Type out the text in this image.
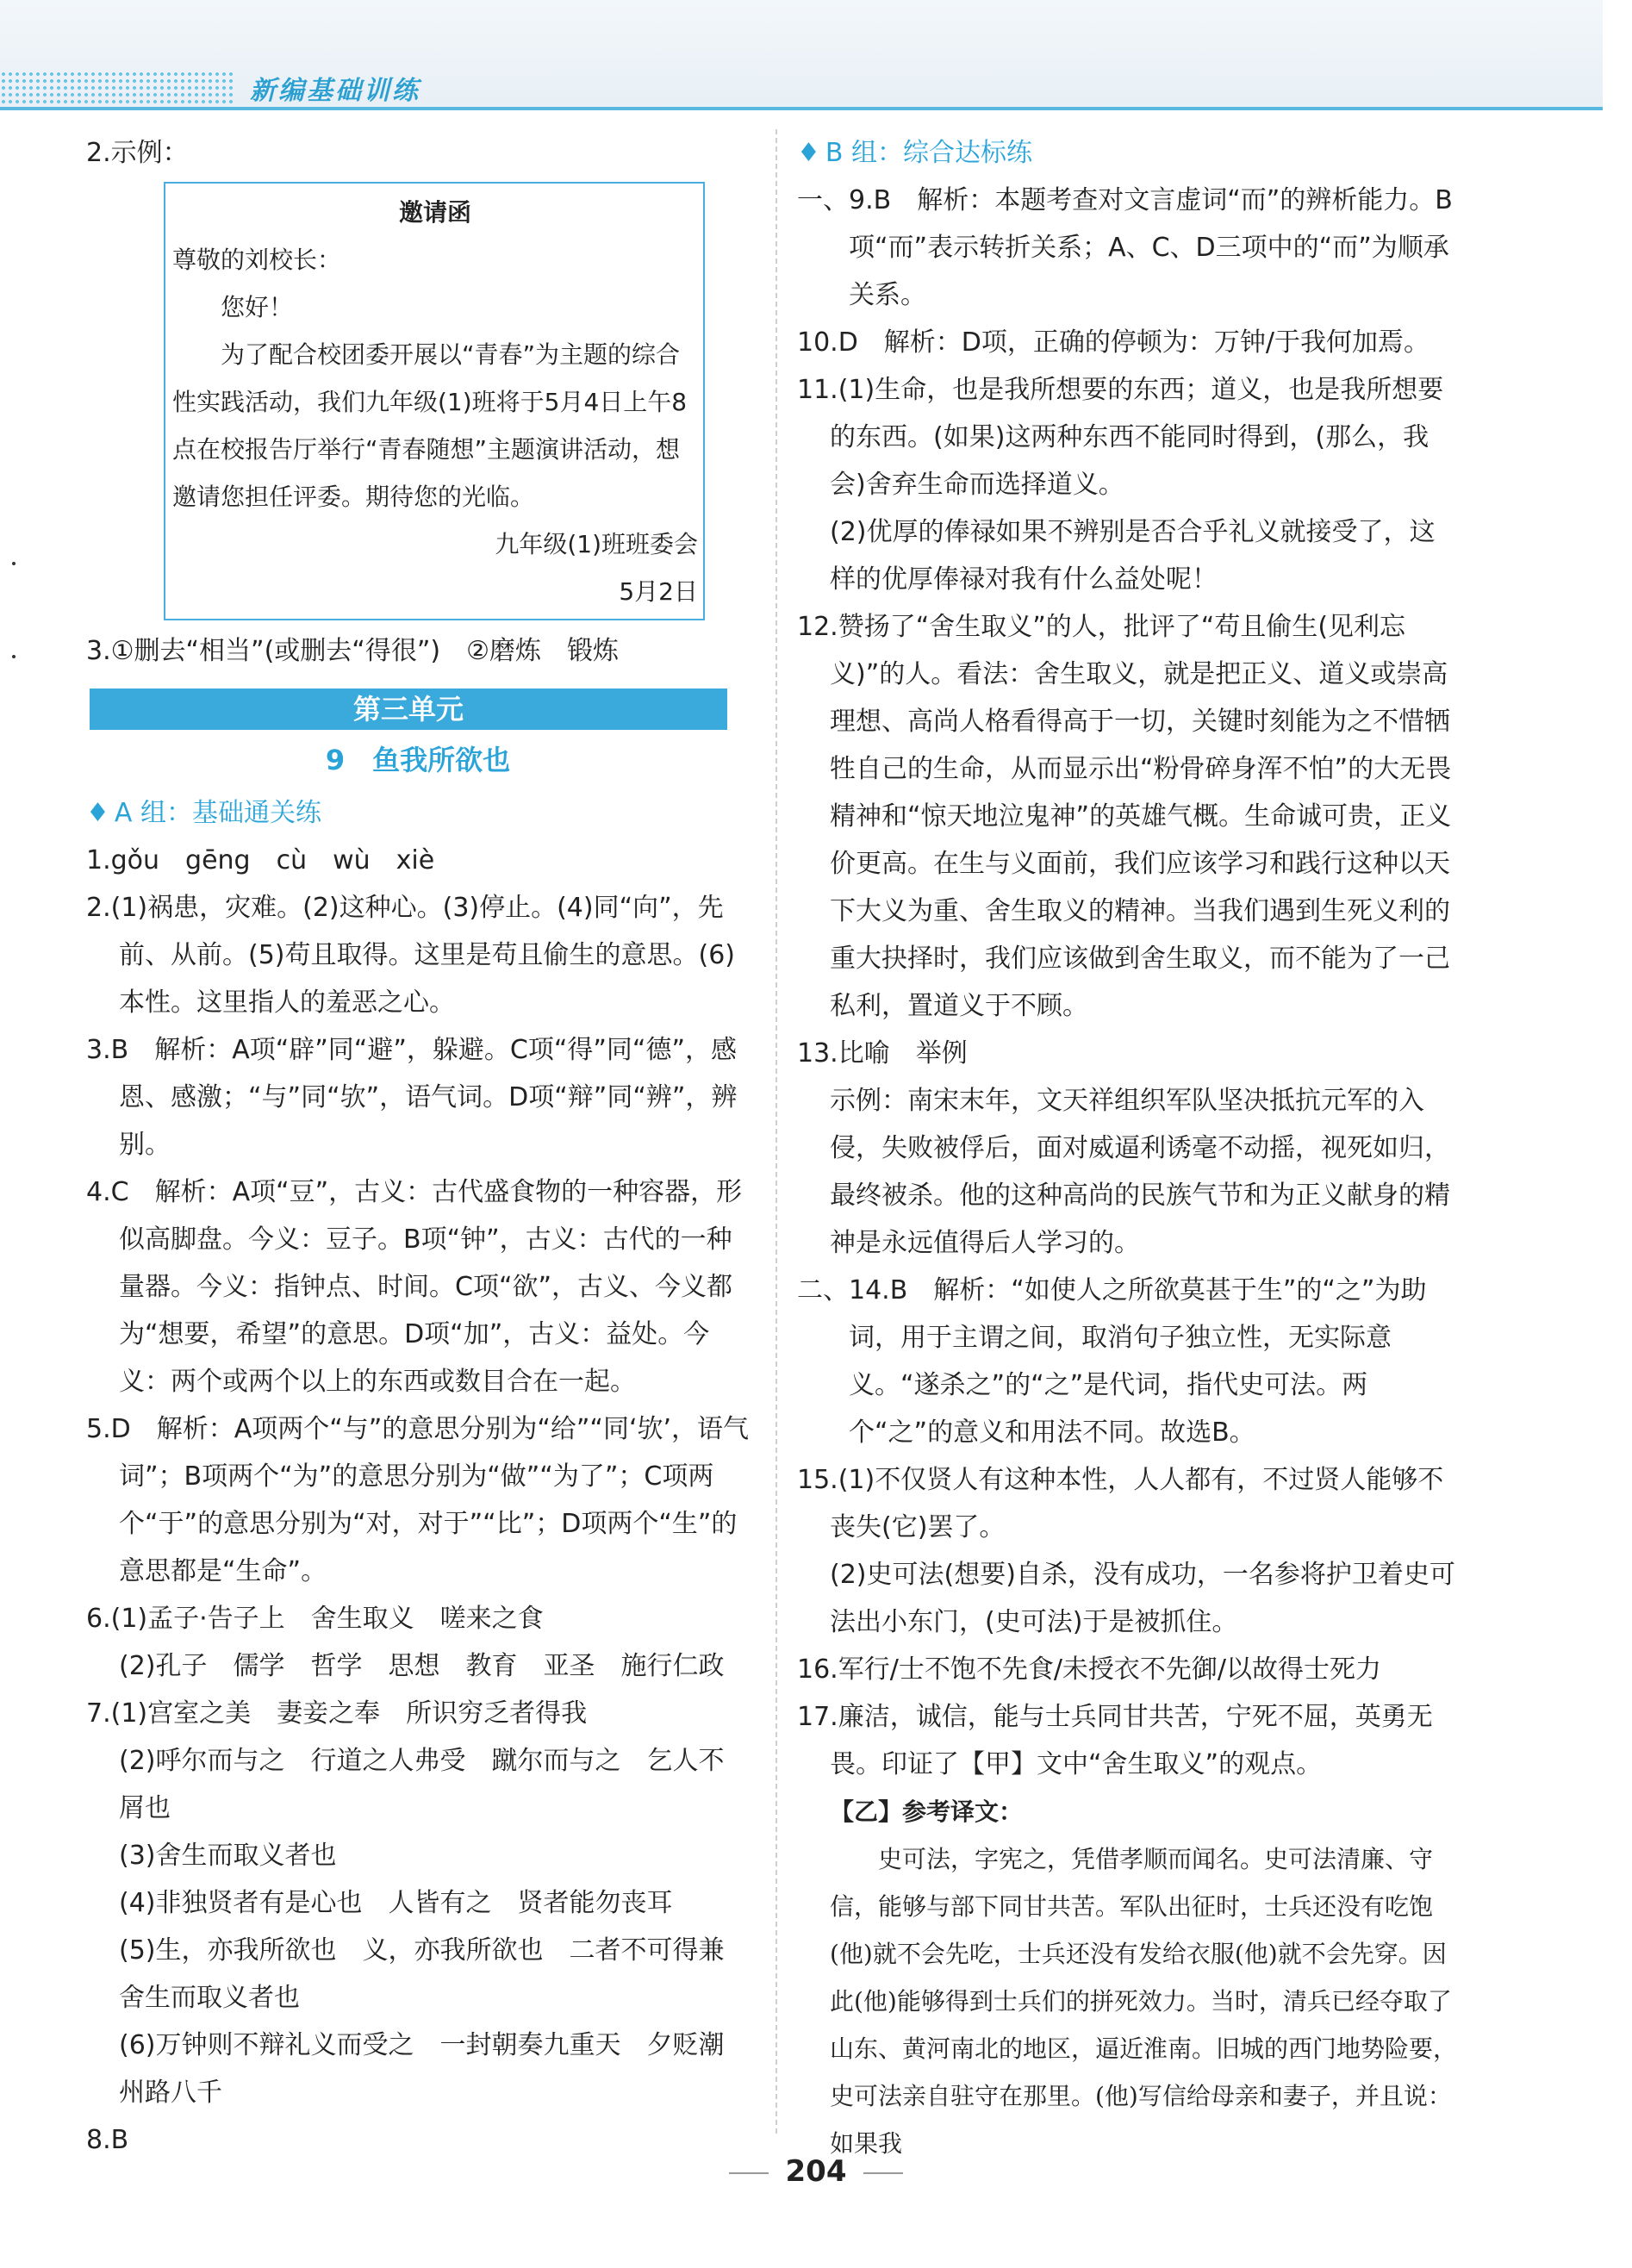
新编基础训练

2.示例：

邀请函

尊敬的刘校长：

您好！

为了配合校团委开展以“青春”为主题的综合性实践活动，我们九年级(1)班将于5月4日上午8点在校报告厅举行“青春随想”主题演讲活动，想邀请您担任评委。期待您的光临。

九年级(1)班班委会

5月2日

3.①删去“相当”(或删去“得很”)　②磨炼　锻炼

第三单元
9　鱼我所欲也

♦ A 组：基础通关练

1.gǒu　gēng　cù　wù　xiè

2.(1)祸患，灾难。(2)这种心。(3)停止。(4)同“向”，先前、从前。(5)苟且取得。这里是苟且偷生的意思。(6)本性。这里指人的羞恶之心。

3.B　解析：A项“辟”同“避”，躲避。C项“得”同“德”，感恩、感激；“与”同“欤”，语气词。D项“辩”同“辨”，辨别。

4.C　解析：A项“豆”，古义：古代盛食物的一种容器，形似高脚盘。今义：豆子。B项“钟”，古义：古代的一种量器。今义：指钟点、时间。C项“欲”，古义、今义都为“想要，希望”的意思。D项“加”，古义：益处。今义：两个或两个以上的东西或数目合在一起。

5.D　解析：A项两个“与”的意思分别为“给”“同‘欤’，语气词”；B项两个“为”的意思分别为“做”“为了”；C项两个“于”的意思分别为“对，对于”“比”；D项两个“生”的意思都是“生命”。

6.(1)孟子·告子上　舍生取义　嗟来之食

(2)孔子　儒学　哲学　思想　教育　亚圣　施行仁政

7.(1)宫室之美　妻妾之奉　所识穷乏者得我

(2)呼尔而与之　行道之人弗受　蹴尔而与之　乞人不屑也

(3)舍生而取义者也

(4)非独贤者有是心也　人皆有之　贤者能勿丧耳

(5)生，亦我所欲也　义，亦我所欲也　二者不可得兼　舍生而取义者也

(6)万钟则不辩礼义而受之　一封朝奏九重天　夕贬潮州路八千

8.B

♦ B 组：综合达标练

一、9.B　解析：本题考查对文言虚词“而”的辨析能力。B项“而”表示转折关系；A、C、D三项中的“而”为顺承关系。

10.D　解析：D项，正确的停顿为：万钟/于我何加焉。

11.(1)生命，也是我所想要的东西；道义，也是我所想要的东西。(如果)这两种东西不能同时得到，(那么，我会)舍弃生命而选择道义。

(2)优厚的俸禄如果不辨别是否合乎礼义就接受了，这样的优厚俸禄对我有什么益处呢！

12.赞扬了“舍生取义”的人，批评了“苟且偷生(见利忘义)”的人。看法：舍生取义，就是把正义、道义或崇高理想、高尚人格看得高于一切，关键时刻能为之不惜牺牲自己的生命，从而显示出“粉骨碎身浑不怕”的大无畏精神和“惊天地泣鬼神”的英雄气概。生命诚可贵，正义价更高。在生与义面前，我们应该学习和践行这种以天下大义为重、舍生取义的精神。当我们遇到生死义利的重大抉择时，我们应该做到舍生取义，而不能为了一己私利，置道义于不顾。

13.比喻　举例

示例：南宋末年，文天祥组织军队坚决抵抗元军的入侵，失败被俘后，面对威逼利诱毫不动摇，视死如归，最终被杀。他的这种高尚的民族气节和为正义献身的精神是永远值得后人学习的。

二、14.B　解析：“如使人之所欲莫甚于生”的“之”为助词，用于主谓之间，取消句子独立性，无实际意义。“遂杀之”的“之”是代词，指代史可法。两个“之”的意义和用法不同。故选B。

15.(1)不仅贤人有这种本性，人人都有，不过贤人能够不丧失(它)罢了。

(2)史可法(想要)自杀，没有成功，一名参将护卫着史可法出小东门，(史可法)于是被抓住。

16.军行/士不饱不先食/未授衣不先御/以故得士死力

17.廉洁，诚信，能与士兵同甘共苦，宁死不屈，英勇无畏。印证了【甲】文中“舍生取义”的观点。

【乙】参考译文：

史可法，字宪之，凭借孝顺而闻名。史可法清廉、守信，能够与部下同甘共苦。军队出征时，士兵还没有吃饱(他)就不会先吃，士兵还没有发给衣服(他)就不会先穿。因此(他)能够得到士兵们的拼死效力。当时，清兵已经夺取了山东、黄河南北的地区，逼近淮南。旧城的西门地势险要，史可法亲自驻守在那里。(他)写信给母亲和妻子，并且说：如果我

204
